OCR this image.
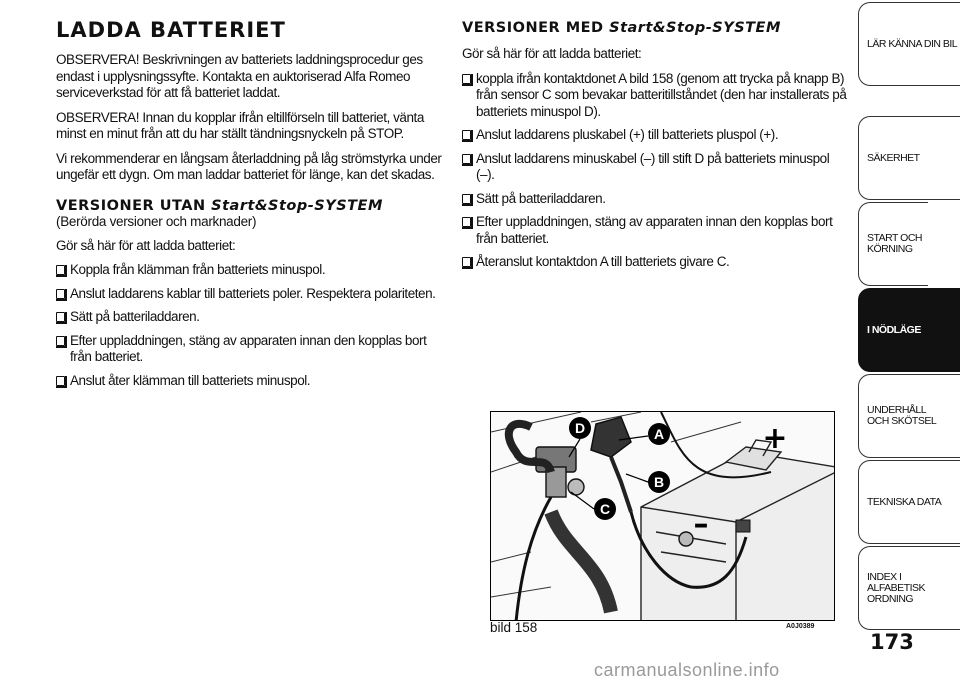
LADDA BATTERIET

OBSERVERA! Beskrivningen av batteriets laddningsprocedur ges endast i upplysningssyfte. Kontakta en auktoriserad Alfa Romeo serviceverkstad för att få batteriet laddat.

OBSERVERA! Innan du kopplar ifrån eltillförseln till batteriet, vänta minst en minut från att du har ställt tändningsnyckeln på STOP.

Vi rekommenderar en långsam återladdning på låg strömstyrka under ungefär ett dygn. Om man laddar batteriet för länge, kan det skadas.

VERSIONER UTAN Start&Stop-SYSTEM
(Berörda versioner och marknader)

Gör så här för att ladda batteriet:

Koppla från klämman från batteriets minuspol.
Anslut laddarens kablar till batteriets poler. Respektera polariteten.
Sätt på batteriladdaren.
Efter uppladdningen, stäng av apparaten innan den kopplas bort från batteriet.
Anslut åter klämman till batteriets minuspol.
VERSIONER MED Start&Stop-SYSTEM

Gör så här för att ladda batteriet:

koppla ifrån kontaktdonet A bild 158 (genom att trycka på knapp B) från sensor C som bevakar batteritillståndet (den har installerats på batteriets minuspol D).
Anslut laddarens pluskabel (+) till batteriets pluspol (+).
Anslut laddarens minuskabel (–) till stift D på batteriets minuspol (–).
Sätt på batteriladdaren.
Efter uppladdningen, stäng av apparaten innan den kopplas bort från batteriet.
Återanslut kontaktdon A till batteriets givare C.
D	A
B
C
+
–
bild 158	A0J0389
LÄR KÄNNA DIN BIL
SÄKERHET
START OCH KÖRNING
I NÖDLÄGE
UNDERHÅLL OCH SKÖTSEL
TEKNISKA DATA
INDEX I ALFABETISK ORDNING
173
carmanualsonline.info
